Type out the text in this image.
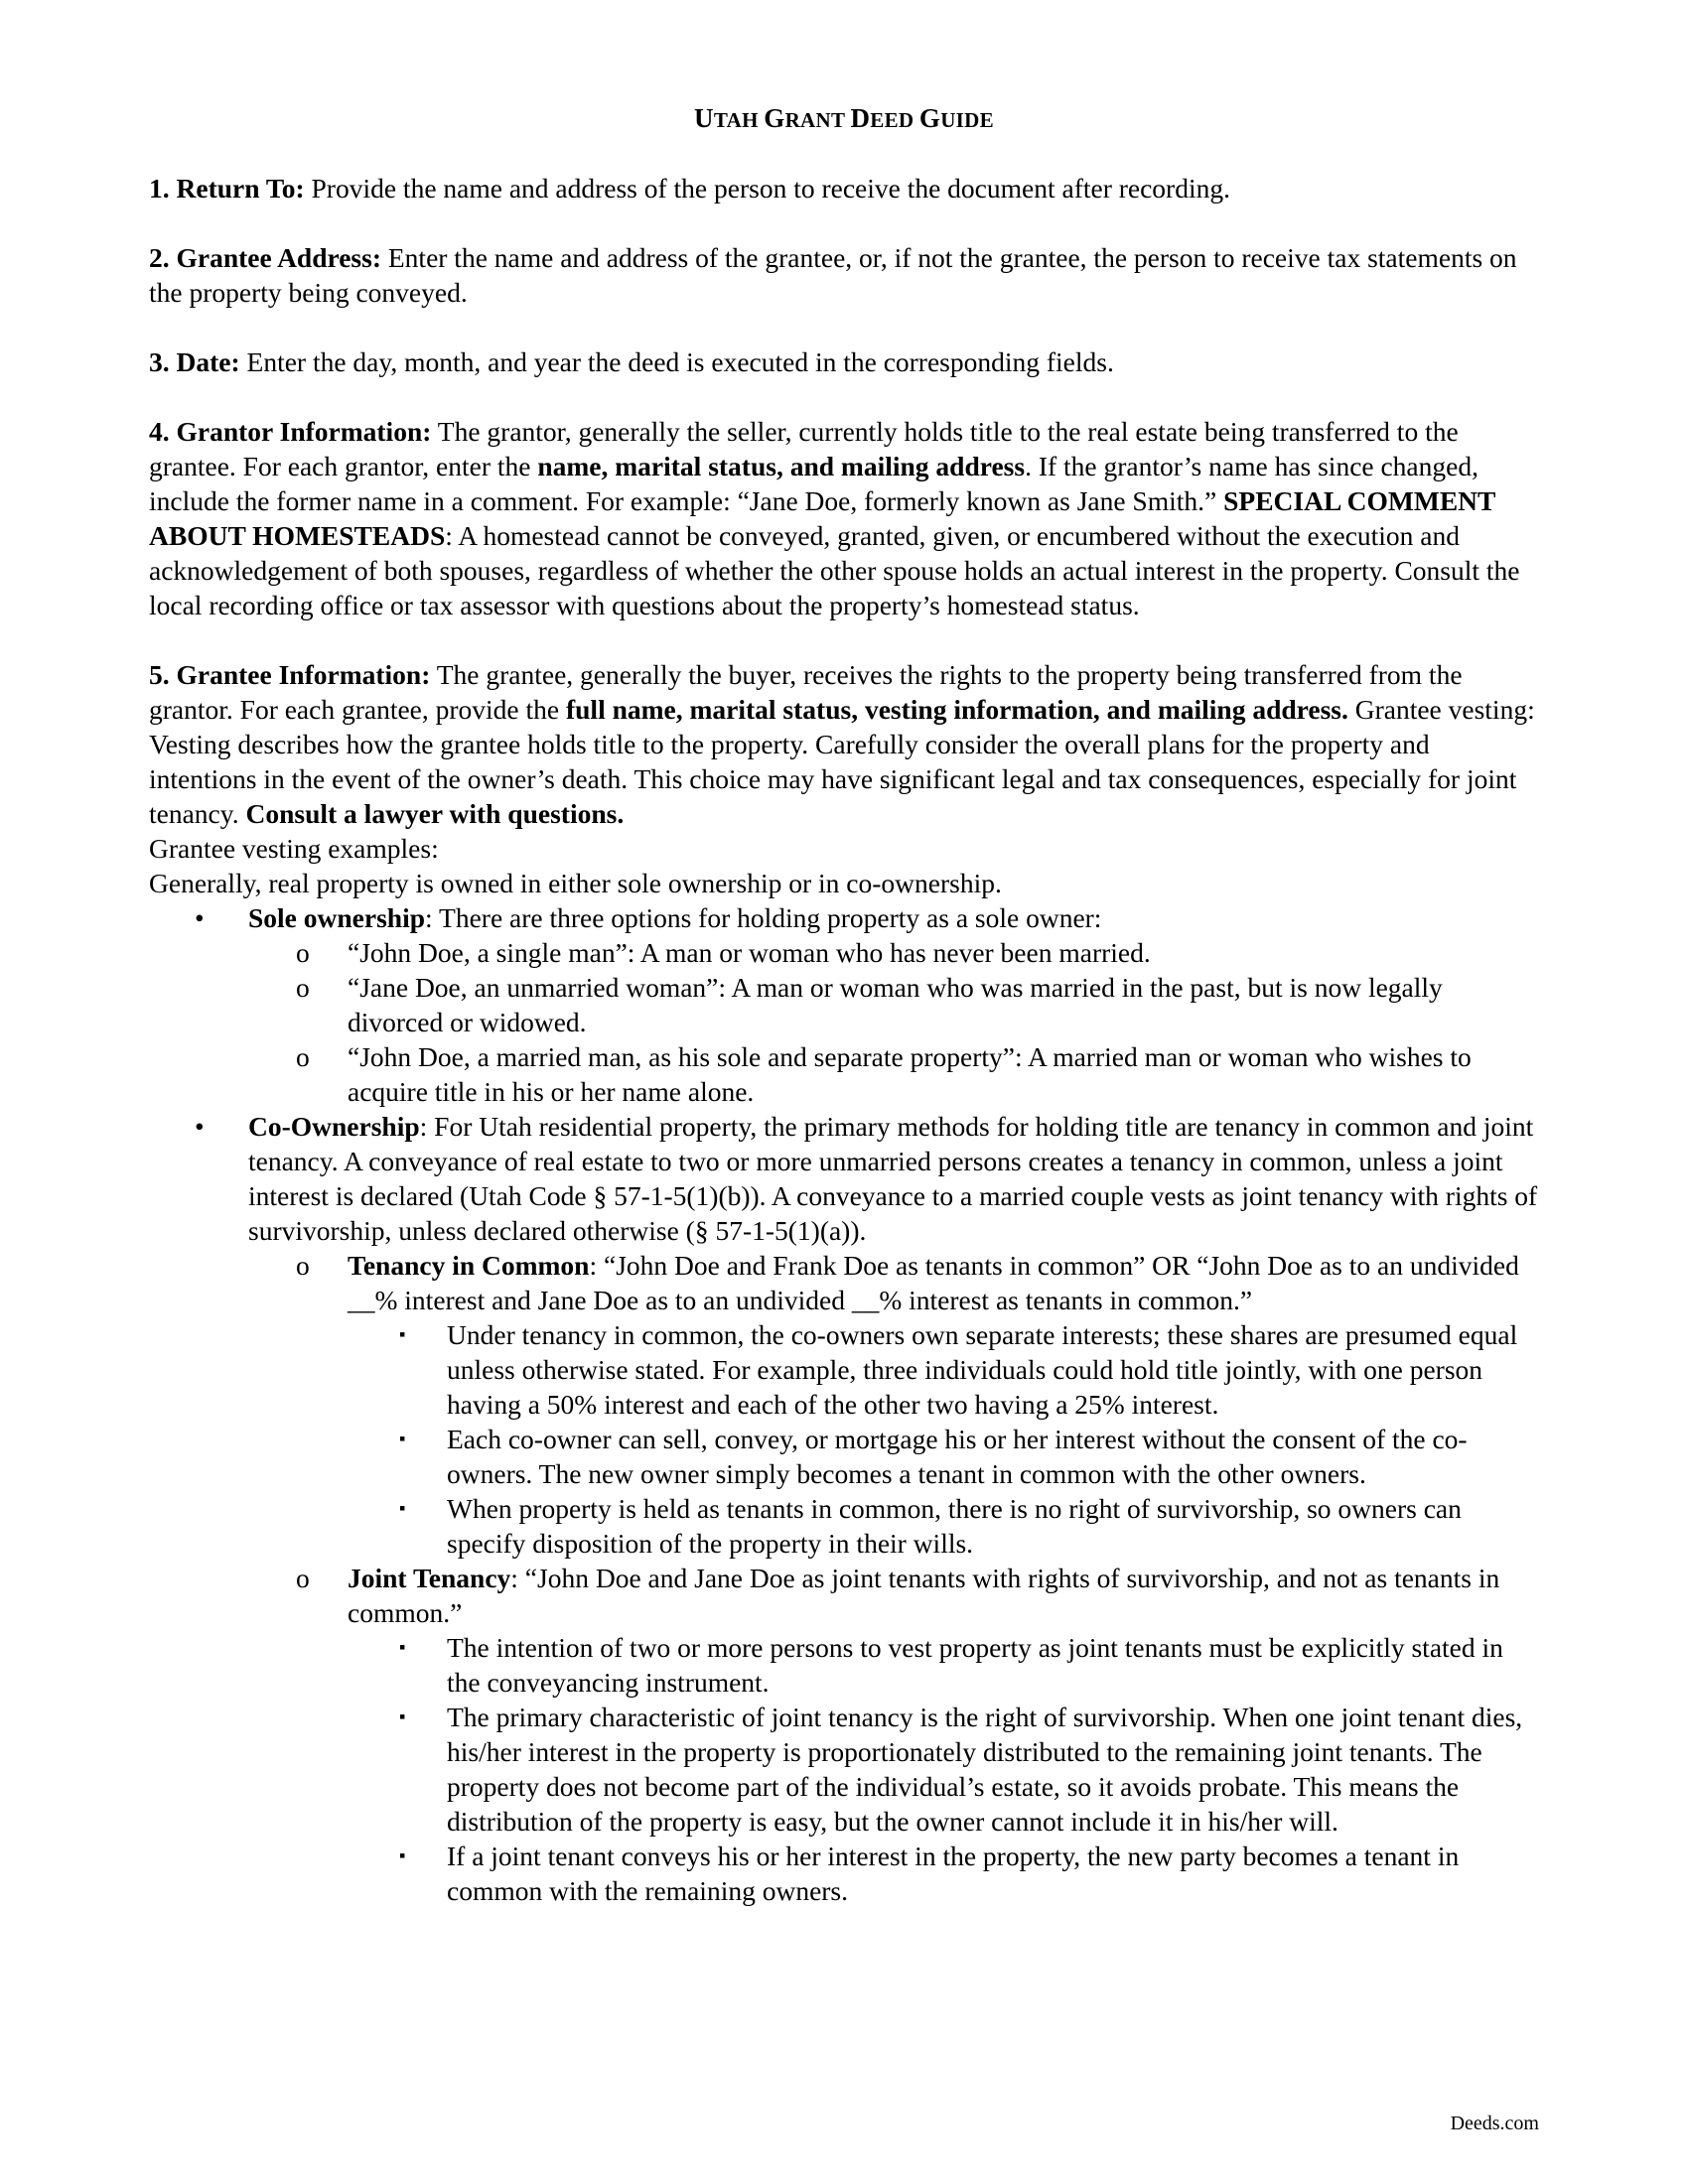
UTAH GRANT DEED GUIDE

1. Return To: Provide the name and address of the person to receive the document after recording.

2. Grantee Address: Enter the name and address of the grantee, or, if not the grantee, the person to receive tax statements on the property being conveyed.

3. Date: Enter the day, month, and year the deed is executed in the corresponding fields.

4. Grantor Information: The grantor, generally the seller, currently holds title to the real estate being transferred to the grantee. For each grantor, enter the name, marital status, and mailing address. If the grantor’s name has since changed, include the former name in a comment. For example: “Jane Doe, formerly known as Jane Smith.” SPECIAL COMMENT ABOUT HOMESTEADS: A homestead cannot be conveyed, granted, given, or encumbered without the execution and acknowledgement of both spouses, regardless of whether the other spouse holds an actual interest in the property. Consult the local recording office or tax assessor with questions about the property’s homestead status.

5. Grantee Information: The grantee, generally the buyer, receives the rights to the property being transferred from the grantor. For each grantee, provide the full name, marital status, vesting information, and mailing address. Grantee vesting: Vesting describes how the grantee holds title to the property. Carefully consider the overall plans for the property and intentions in the event of the owner’s death. This choice may have significant legal and tax consequences, especially for joint tenancy. Consult a lawyer with questions.

Grantee vesting examples:

Generally, real property is owned in either sole ownership or in co-ownership.

• Sole ownership: There are three options for holding property as a sole owner:
o “John Doe, a single man”: A man or woman who has never been married.
o “Jane Doe, an unmarried woman”: A man or woman who was married in the past, but is now legally divorced or widowed.
o “John Doe, a married man, as his sole and separate property”: A married man or woman who wishes to acquire title in his or her name alone.
• Co-Ownership: For Utah residential property, the primary methods for holding title are tenancy in common and joint tenancy. A conveyance of real estate to two or more unmarried persons creates a tenancy in common, unless a joint interest is declared (Utah Code § 57-1-5(1)(b)). A conveyance to a married couple vests as joint tenancy with rights of survivorship, unless declared otherwise (§ 57-1-5(1)(a)).
o Tenancy in Common: “John Doe and Frank Doe as tenants in common” OR “John Doe as to an undivided __% interest and Jane Doe as to an undivided __% interest as tenants in common.”
▪ Under tenancy in common, the co-owners own separate interests; these shares are presumed equal unless otherwise stated. For example, three individuals could hold title jointly, with one person having a 50% interest and each of the other two having a 25% interest.
▪ Each co-owner can sell, convey, or mortgage his or her interest without the consent of the co-owners. The new owner simply becomes a tenant in common with the other owners.
▪ When property is held as tenants in common, there is no right of survivorship, so owners can specify disposition of the property in their wills.
o Joint Tenancy: “John Doe and Jane Doe as joint tenants with rights of survivorship, and not as tenants in common.”
▪ The intention of two or more persons to vest property as joint tenants must be explicitly stated in the conveyancing instrument.
▪ The primary characteristic of joint tenancy is the right of survivorship. When one joint tenant dies, his/her interest in the property is proportionately distributed to the remaining joint tenants. The property does not become part of the individual’s estate, so it avoids probate. This means the distribution of the property is easy, but the owner cannot include it in his/her will.
▪ If a joint tenant conveys his or her interest in the property, the new party becomes a tenant in common with the remaining owners.
Deeds.com
